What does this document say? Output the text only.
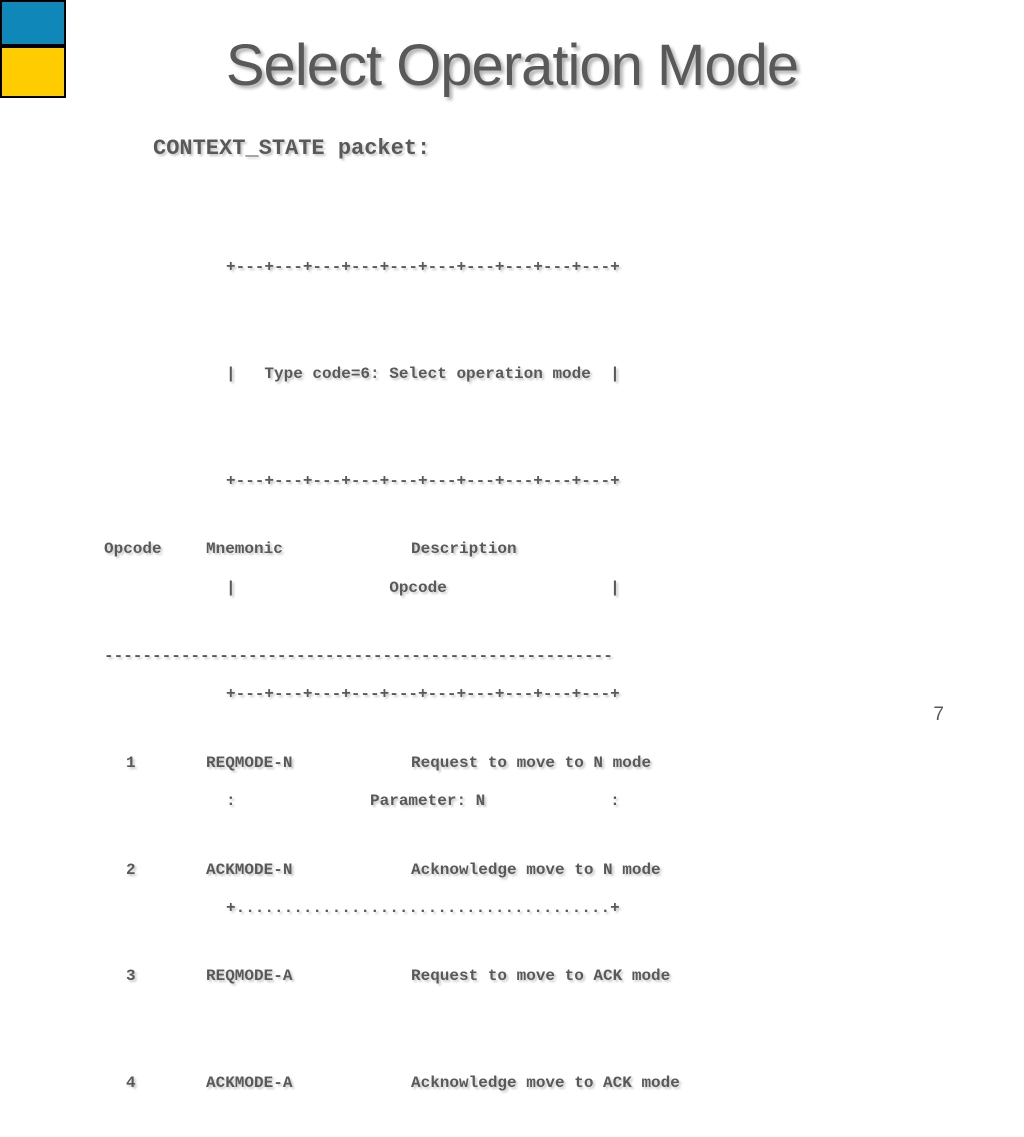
Select Operation Mode
CONTEXT_STATE packet:

+---+---+---+---+---+---+---+---+---+---+

|   Type code=6: Select operation mode  |

+---+---+---+---+---+---+---+---+---+---+

|                Opcode                 |

+---+---+---+---+---+---+---+---+---+---+

:              Parameter: N             :

+.......................................+

Opcode	Mnemonic	Description

-----------------------------------------------------

1	REQMODE-N	Request to move to N mode

2	ACKMODE-N	Acknowledge move to N mode

3	REQMODE-A	Request to move to ACK mode

4	ACKMODE-A	Acknowledge move to ACK mode

7
